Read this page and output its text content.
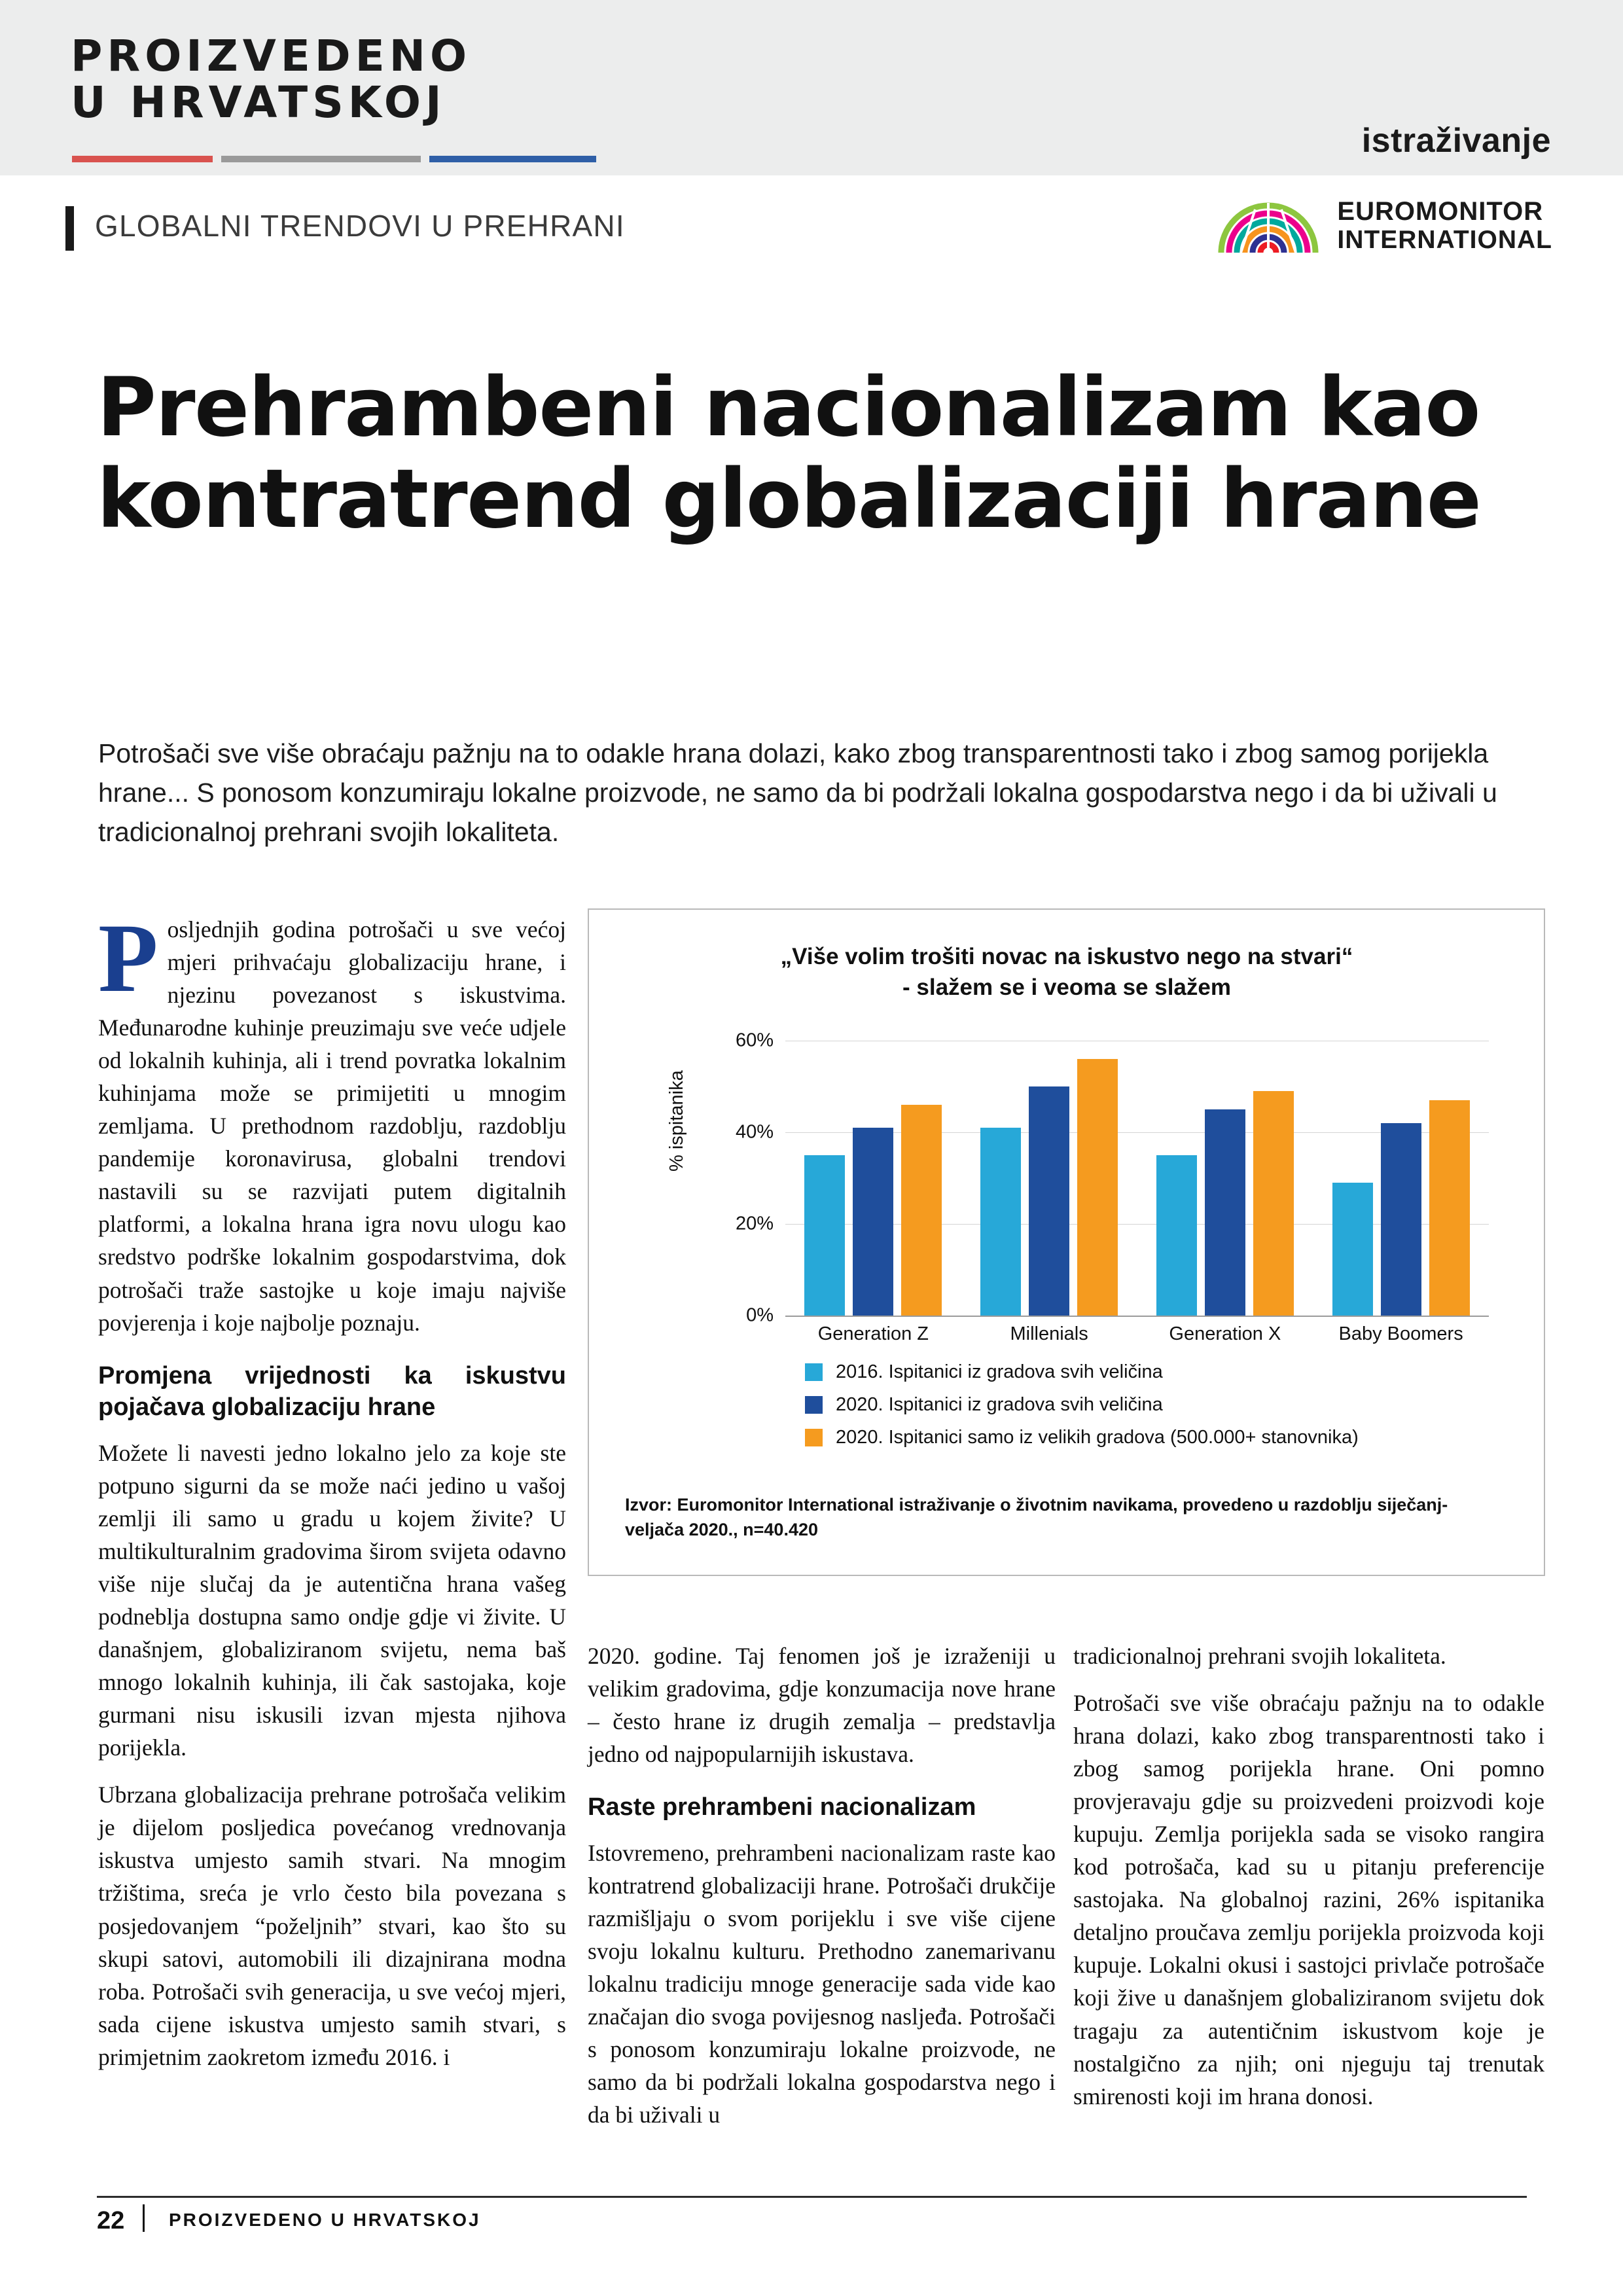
PROIZVEDENO
U HRVATSKOJ
istraživanje
GLOBALNI TRENDOVI U PREHRANI	EUROMONITOR
INTERNATIONAL
Prehrambeni nacionalizam kao kontratrend globalizaciji hrane
Potrošači sve više obraćaju pažnju na to odakle hrana dolazi, kako zbog transparentnosti tako i zbog samog porijekla hrane... S ponosom konzumiraju lokalne proizvode, ne samo da bi podržali lokalna gospodarstva nego i da bi uživali u tradicionalnoj prehrani svojih lokaliteta.

Posljednjih godina potrošači u sve većoj mjeri prihvaćaju globalizaciju hrane, i njezinu povezanost s iskustvima. Međunarodne kuhinje preuzimaju sve veće udjele od lokalnih kuhinja, ali i trend povratka lokalnim kuhinjama može se primijetiti u mnogim zemljama. U prethodnom razdoblju, razdoblju pandemije koronavirusa, globalni trendovi nastavili su se razvijati putem digitalnih platformi, a lokalna hrana igra novu ulogu kao sredstvo podrške lokalnim gospodarstvima, dok potrošači traže sastojke u koje imaju najviše povjerenja i koje najbolje poznaju.

Promjena vrijednosti ka iskustvu pojačava globalizaciju hrane

Možete li navesti jedno lokalno jelo za koje ste potpuno sigurni da se može naći jedino u vašoj zemlji ili samo u gradu u kojem živite? U multikulturalnim gradovima širom svijeta odavno više nije slučaj da je autentična hrana vašeg podneblja dostupna samo ondje gdje vi živite. U današnjem, globaliziranom svijetu, nema baš mnogo lokalnih kuhinja, ili čak sastojaka, koje gurmani nisu iskusili izvan mjesta njihova porijekla.

Ubrzana globalizacija prehrane potrošača velikim je dijelom posljedica povećanog vrednovanja iskustva umjesto samih stvari. Na mnogim tržištima, sreća je vrlo često bila povezana s posjedovanjem “poželjnih” stvari, kao što su skupi satovi, automobili ili dizajnirana modna roba. Potrošači svih generacija, u sve većoj mjeri, sada cijene iskustva umjesto samih stvari, s primjetnim zaokretom između 2016. i

2020. godine. Taj fenomen još je izraženiji u velikim gradovima, gdje konzumacija nove hrane – često hrane iz drugih zemalja – predstavlja jedno od najpopularnijih iskustava.

Raste prehrambeni nacionalizam

Istovremeno, prehrambeni nacionalizam raste kao kontratrend globalizaciji hrane. Potrošači drukčije razmišljaju o svom porijeklu i sve više cijene svoju lokalnu kulturu. Prethodno zanemarivanu lokalnu tradiciju mnoge generacije sada vide kao značajan dio svoga povijesnog nasljeđa. Potrošači s ponosom konzumiraju lokalne proizvode, ne samo da bi podržali lokalna gospodarstva nego i da bi uživali u

tradicionalnoj prehrani svojih lokaliteta.

Potrošači sve više obraćaju pažnju na to odakle hrana dolazi, kako zbog transparentnosti tako i zbog samog porijekla hrane. Oni pomno provjeravaju gdje su proizvedeni proizvodi koje kupuju. Zemlja porijekla sada se visoko rangira kod potrošača, kad su u pitanju preferencije sastojaka. Na globalnoj razini, 26% ispitanika detaljno proučava zemlju porijekla proizvoda koji kupuje. Lokalni okusi i sastojci privlače potrošače koji žive u današnjem globaliziranom svijetu dok tragaju za autentičnim iskustvom koje je nostalgično za njih; oni njeguju taj trenutak smirenosti koji im hrana donosi.

„Više volim trošiti novac na iskustvo nego na stvari“
- slažem se i veoma se slažem
% ispitanika
0%
20%
40%
60%
Generation Z	Millenials	Generation X	Baby Boomers
2016. Ispitanici iz gradova svih veličina
2020. Ispitanici iz gradova svih veličina
2020. Ispitanici samo iz velikih gradova (500.000+ stanovnika)
Izvor: Euromonitor International istraživanje o životnim navikama, provedeno u razdoblju siječanj-veljača 2020., n=40.420
22 PROIZVEDENO U HRVATSKOJ
